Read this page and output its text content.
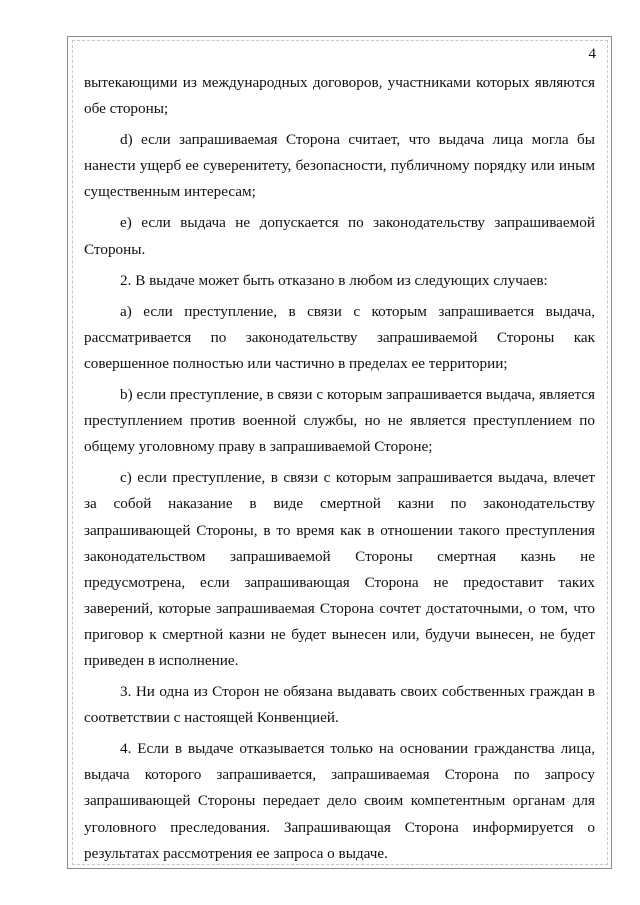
4

вытекающими из международных договоров, участниками которых являются обе стороны;

d) если запрашиваемая Сторона считает, что выдача лица могла бы нанести ущерб ее суверенитету, безопасности, публичному порядку или иным существенным интересам;

e) если выдача не допускается по законодательству запрашиваемой Стороны.

2. В выдаче может быть отказано в любом из следующих случаев:

a) если преступление, в связи с которым запрашивается выдача, рассматривается по законодательству запрашиваемой Стороны как совершенное полностью или частично в пределах ее территории;

b) если преступление, в связи с которым запрашивается выдача, является преступлением против военной службы, но не является преступлением по общему уголовному праву в запрашиваемой Стороне;

c) если преступление, в связи с которым запрашивается выдача, влечет за собой наказание в виде смертной казни по законодательству запрашивающей Стороны, в то время как в отношении такого преступления законодательством запрашиваемой Стороны смертная казнь не предусмотрена, если запрашивающая Сторона не предоставит таких заверений, которые запрашиваемая Сторона сочтет достаточными, о том, что приговор к смертной казни не будет вынесен или, будучи вынесен, не будет приведен в исполнение.

3. Ни одна из Сторон не обязана выдавать своих собственных граждан в соответствии с настоящей Конвенцией.

4. Если в выдаче отказывается только на основании гражданства лица, выдача которого запрашивается, запрашиваемая Сторона по запросу запрашивающей Стороны передает дело своим компетентным органам для уголовного преследования. Запрашивающая Сторона информируется о результатах рассмотрения ее запроса о выдаче.
